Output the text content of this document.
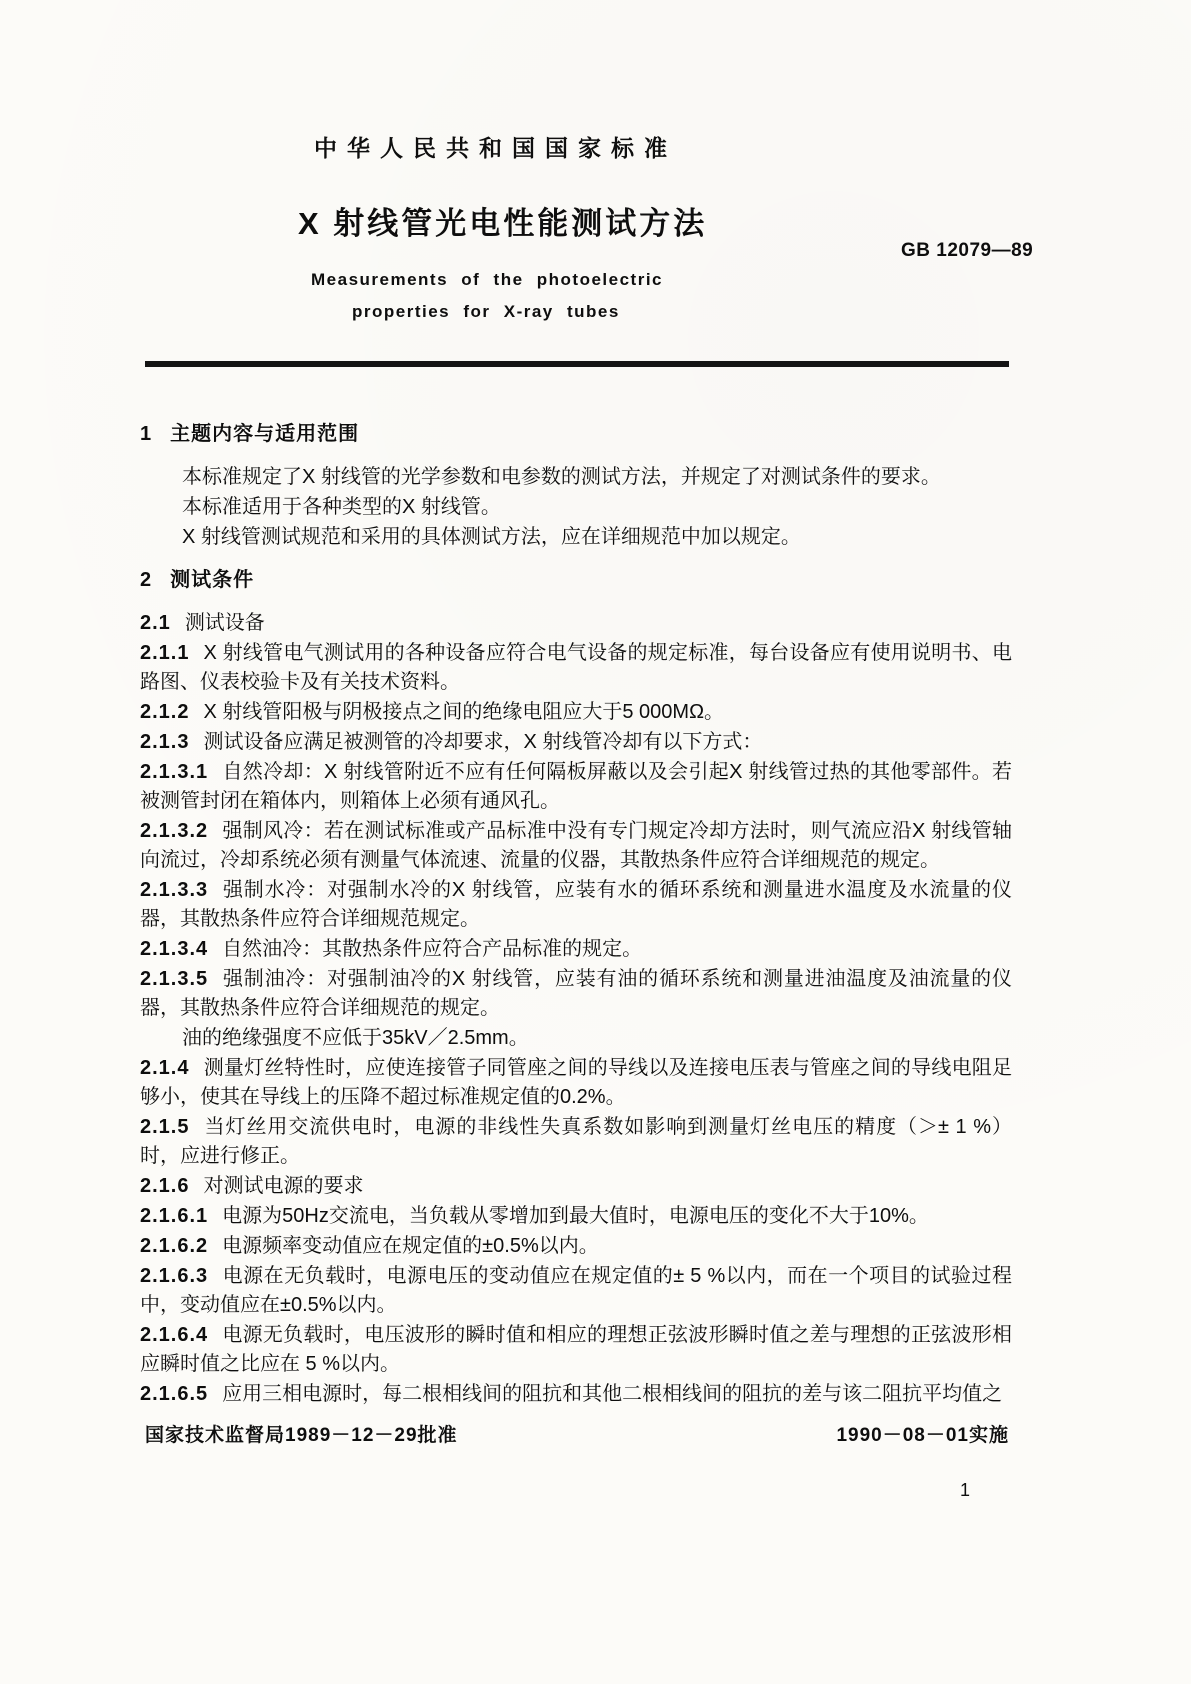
中华人民共和国国家标准
X 射线管光电性能测试方法
GB 12079—89
Measurements of the photoelectric
properties for X-ray tubes

1 主题内容与适用范围

本标准规定了X 射线管的光学参数和电参数的测试方法，并规定了对测试条件的要求。

本标准适用于各种类型的X 射线管。

X 射线管测试规范和采用的具体测试方法，应在详细规范中加以规定。

2 测试条件

2.1 测试设备

2.1.1 X 射线管电气测试用的各种设备应符合电气设备的规定标准，每台设备应有使用说明书、电路图、仪表校验卡及有关技术资料。

2.1.2 X 射线管阳极与阴极接点之间的绝缘电阻应大于5 000MΩ。

2.1.3 测试设备应满足被测管的冷却要求，X 射线管冷却有以下方式：

2.1.3.1 自然冷却：X 射线管附近不应有任何隔板屏蔽以及会引起X 射线管过热的其他零部件。若被测管封闭在箱体内，则箱体上必须有通风孔。

2.1.3.2 强制风冷：若在测试标准或产品标准中没有专门规定冷却方法时，则气流应沿X 射线管轴向流过，冷却系统必须有测量气体流速、流量的仪器，其散热条件应符合详细规范的规定。

2.1.3.3 强制水冷：对强制水冷的X 射线管，应装有水的循环系统和测量进水温度及水流量的仪器，其散热条件应符合详细规范规定。

2.1.3.4 自然油冷：其散热条件应符合产品标准的规定。

2.1.3.5 强制油冷：对强制油冷的X 射线管，应装有油的循环系统和测量进油温度及油流量的仪器，其散热条件应符合详细规范的规定。

油的绝缘强度不应低于35kV／2.5mm。

2.1.4 测量灯丝特性时，应使连接管子同管座之间的导线以及连接电压表与管座之间的导线电阻足够小，使其在导线上的压降不超过标准规定值的0.2%。

2.1.5 当灯丝用交流供电时，电源的非线性失真系数如影响到测量灯丝电压的精度（＞± 1 %）时，应进行修正。

2.1.6 对测试电源的要求

2.1.6.1 电源为50Hz交流电，当负载从零增加到最大值时，电源电压的变化不大于10%。

2.1.6.2 电源频率变动值应在规定值的±0.5%以内。

2.1.6.3 电源在无负载时，电源电压的变动值应在规定值的± 5 %以内，而在一个项目的试验过程中，变动值应在±0.5%以内。

2.1.6.4 电源无负载时，电压波形的瞬时值和相应的理想正弦波形瞬时值之差与理想的正弦波形相应瞬时值之比应在 5 %以内。

2.1.6.5 应用三相电源时，每二根相线间的阻抗和其他二根相线间的阻抗的差与该二阻抗平均值之

国家技术监督局1989－12－29批准	1990－08－01实施
1
